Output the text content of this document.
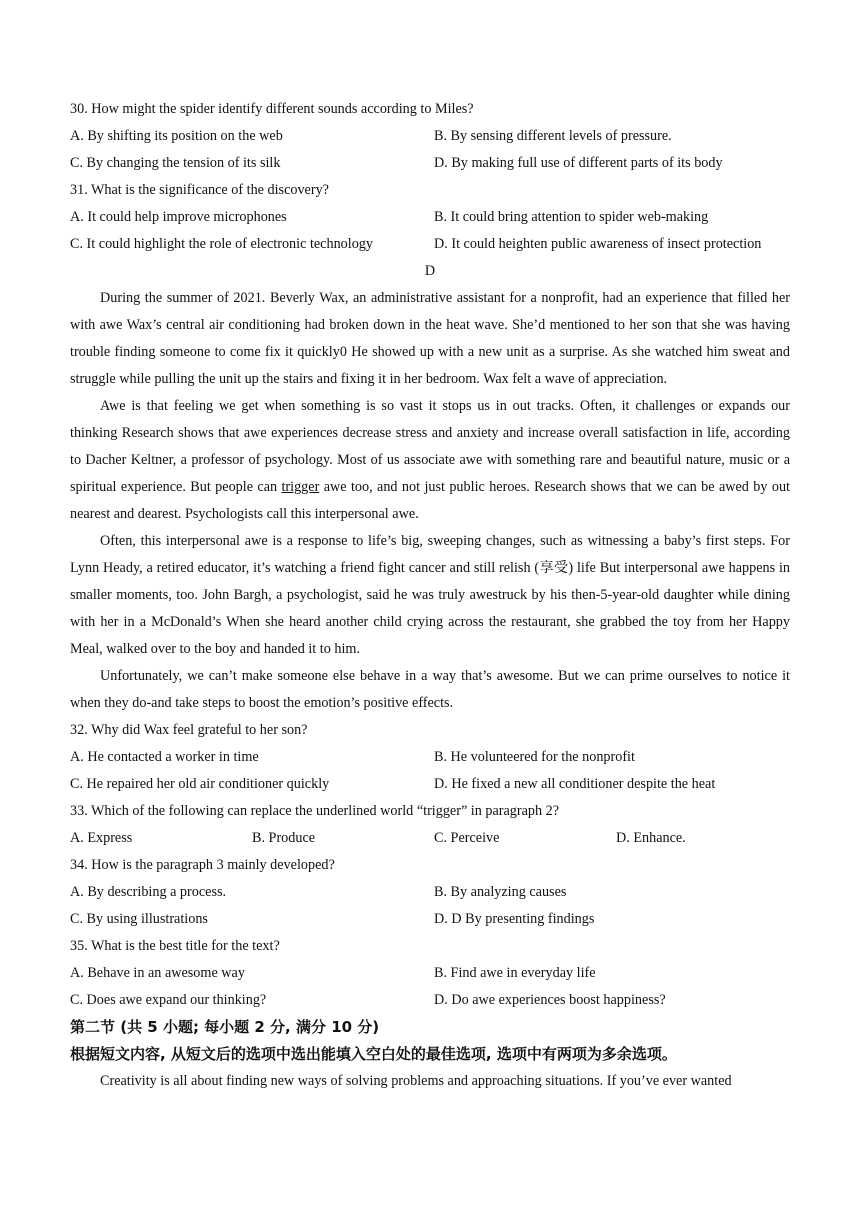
30. How might the spider identify different sounds according to Miles?
A. By shifting its position on the web	B. By sensing different levels of pressure.
C. By changing the tension of its silk	D. By making full use of different parts of its body
31. What is the significance of the discovery?
A. It could help improve microphones	B. It could bring attention to spider web-making
C. It could highlight the role of electronic technology	D. It could heighten public awareness of insect protection
D

During the summer of 2021. Beverly Wax, an administrative assistant for a nonprofit, had an experience that filled her with awe Wax’s central air conditioning had broken down in the heat wave. She’d mentioned to her son that she was having trouble finding someone to come fix it quickly0 He showed up with a new unit as a surprise. As she watched him sweat and struggle while pulling the unit up the stairs and fixing it in her bedroom. Wax felt a wave of appreciation.

Awe is that feeling we get when something is so vast it stops us in out tracks. Often, it challenges or expands our thinking Research shows that awe experiences decrease stress and anxiety and increase overall satisfaction in life, according to Dacher Keltner, a professor of psychology. Most of us associate awe with something rare and beautiful nature, music or a spiritual experience. But people can trigger awe too, and not just public heroes. Research shows that we can be awed by out nearest and dearest. Psychologists call this interpersonal awe.

Often, this interpersonal awe is a response to life’s big, sweeping changes, such as witnessing a baby’s first steps. For Lynn Heady, a retired educator, it’s watching a friend fight cancer and still relish (享受) life But interpersonal awe happens in smaller moments, too. John Bargh, a psychologist, said he was truly awestruck by his then-5-year-old daughter while dining with her in a McDonald’s When she heard another child crying across the restaurant, she grabbed the toy from her Happy Meal, walked over to the boy and handed it to him.

Unfortunately, we can’t make someone else behave in a way that’s awesome. But we can prime ourselves to notice it when they do-and take steps to boost the emotion’s positive effects.

32. Why did Wax feel grateful to her son?
A. He contacted a worker in time	B. He volunteered for the nonprofit
C. He repaired her old air conditioner quickly	D. He fixed a new all conditioner despite the heat
33. Which of the following can replace the underlined world “trigger” in paragraph 2?
A. Express	B. Produce	C. Perceive	D. Enhance.
34. How is the paragraph 3 mainly developed?
A. By describing a process.	B. By analyzing causes
C. By using illustrations	D. D By presenting findings
35. What is the best title for the text?
A. Behave in an awesome way	B. Find awe in everyday life
C. Does awe expand our thinking?	D. Do awe experiences boost happiness?
第二节 (共 5 小题; 每小题 2 分, 满分 10 分)
根据短文内容, 从短文后的选项中选出能填入空白处的最佳选项, 选项中有两项为多余选项。

Creativity is all about finding new ways of solving problems and approaching situations. If you’ve ever wanted
